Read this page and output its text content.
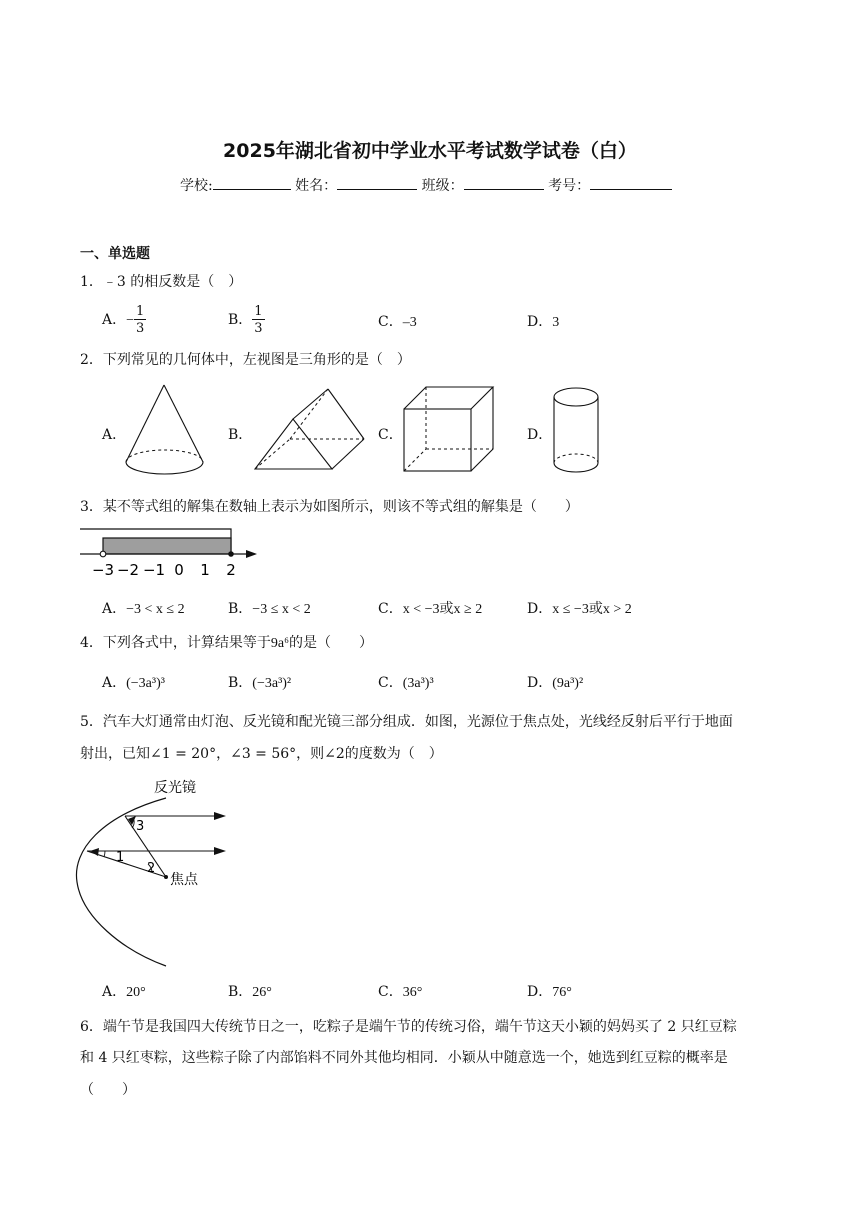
2025年湖北省初中学业水平考试数学试卷（白）
学校:	姓名：	班级：	考号：
一、单选题
1．﹣3 的相反数是（　）
A．− $\frac{1}{3}$	B． $\frac{1}{3}$	C．–3	D．3
2．下列常见的几何体中，左视图是三角形的是（　）
A．	B．	C．	D．
3．某不等式组的解集在数轴上表示为如图所示，则该不等式组的解集是（　　）
−3 −2 −1 0 1 2
A．−3 < x ≤ 2	B．−3 ≤ x < 2	C．x < −3或x ≥ 2	D．x ≤ −3或x > 2
4．下列各式中，计算结果等于9a⁶的是（　　）
A．(−3a³)³	B．(−3a³)²	C．(3a³)³	D．(9a³)²
5．汽车大灯通常由灯泡、反光镜和配光镜三部分组成．如图，光源位于焦点处，光线经反射后平行于地面
射出，已知∠1 = 20°，∠3 = 56°，则∠2的度数为（　）
反光镜
焦点
1
2
3
A．20°	B．26°	C．36°	D．76°
6．端午节是我国四大传统节日之一，吃粽子是端午节的传统习俗，端午节这天小颖的妈妈买了 2 只红豆粽
和 4 只红枣粽，这些粽子除了内部馅料不同外其他均相同．小颖从中随意选一个，她选到红豆粽的概率是
（　　）
